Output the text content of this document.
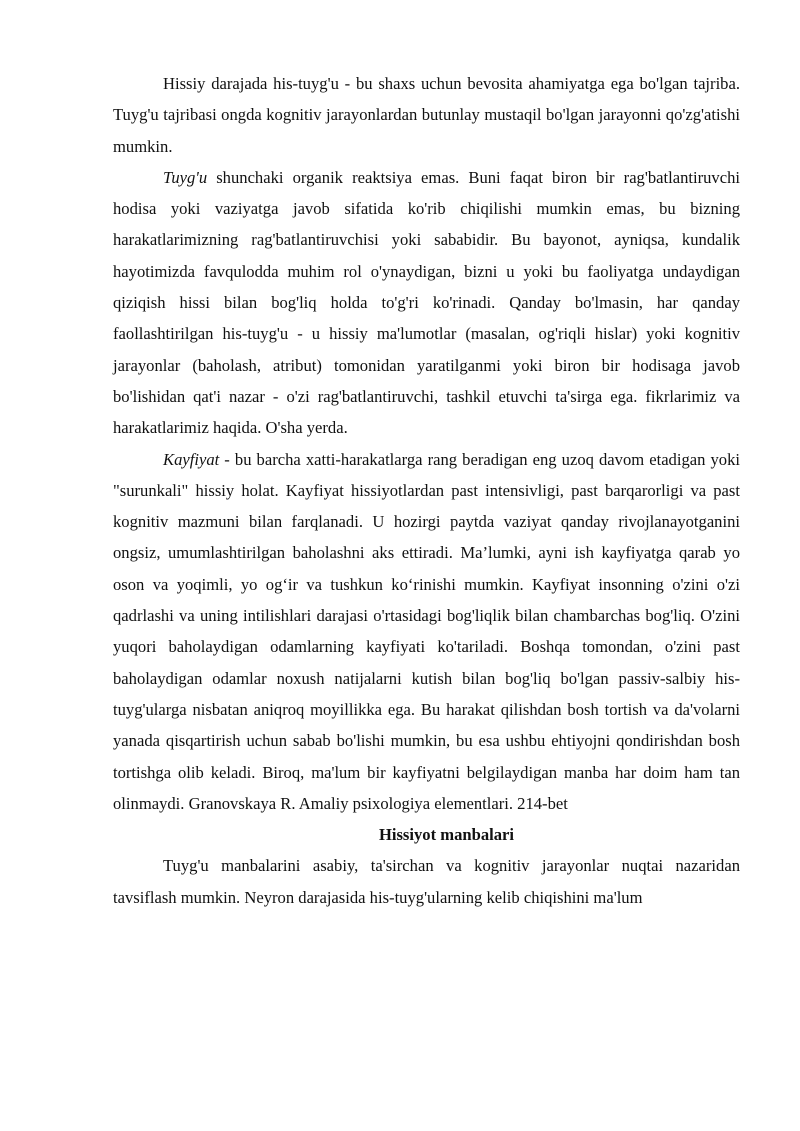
Hissiy darajada his-tuyg'u - bu shaxs uchun bevosita ahamiyatga ega bo'lgan tajriba. Tuyg'u tajribasi ongda kognitiv jarayonlardan butunlay mustaqil bo'lgan jarayonni qo'zg'atishi mumkin.

Tuyg'u shunchaki organik reaktsiya emas. Buni faqat biron bir rag'batlantiruvchi hodisa yoki vaziyatga javob sifatida ko'rib chiqilishi mumkin emas, bu bizning harakatlarimizning rag'batlantiruvchisi yoki sababidir. Bu bayonot, ayniqsa, kundalik hayotimizda favqulodda muhim rol o'ynaydigan, bizni u yoki bu faoliyatga undaydigan qiziqish hissi bilan bog'liq holda to'g'ri ko'rinadi. Qanday bo'lmasin, har qanday faollashtirilgan his-tuyg'u - u hissiy ma'lumotlar (masalan, og'riqli hislar) yoki kognitiv jarayonlar (baholash, atribut) tomonidan yaratilganmi yoki biron bir hodisaga javob bo'lishidan qat'i nazar - o'zi rag'batlantiruvchi, tashkil etuvchi ta'sirga ega. fikrlarimiz va harakatlarimiz haqida. O'sha yerda.

Kayfiyat - bu barcha xatti-harakatlarga rang beradigan eng uzoq davom etadigan yoki "surunkali" hissiy holat. Kayfiyat hissiyotlardan past intensivligi, past barqarorligi va past kognitiv mazmuni bilan farqlanadi. U hozirgi paytda vaziyat qanday rivojlanayotganini ongsiz, umumlashtirilgan baholashni aks ettiradi. Ma’lumki, ayni ish kayfiyatga qarab yo oson va yoqimli, yo og‘ir va tushkun ko‘rinishi mumkin. Kayfiyat insonning o'zini o'zi qadrlashi va uning intilishlari darajasi o'rtasidagi bog'liqlik bilan chambarchas bog'liq. O'zini yuqori baholaydigan odamlarning kayfiyati ko'tariladi. Boshqa tomondan, o'zini past baholaydigan odamlar noxush natijalarni kutish bilan bog'liq bo'lgan passiv-salbiy his-tuyg'ularga nisbatan aniqroq moyillikka ega. Bu harakat qilishdan bosh tortish va da'volarni yanada qisqartirish uchun sabab bo'lishi mumkin, bu esa ushbu ehtiyojni qondirishdan bosh tortishga olib keladi. Biroq, ma'lum bir kayfiyatni belgilaydigan manba har doim ham tan olinmaydi. Granovskaya R. Amaliy psixologiya elementlari. 214-bet

Hissiyot manbalari

Tuyg'u manbalarini asabiy, ta'sirchan va kognitiv jarayonlar nuqtai nazaridan tavsiflash mumkin. Neyron darajasida his-tuyg'ularning kelib chiqishini ma'lum
